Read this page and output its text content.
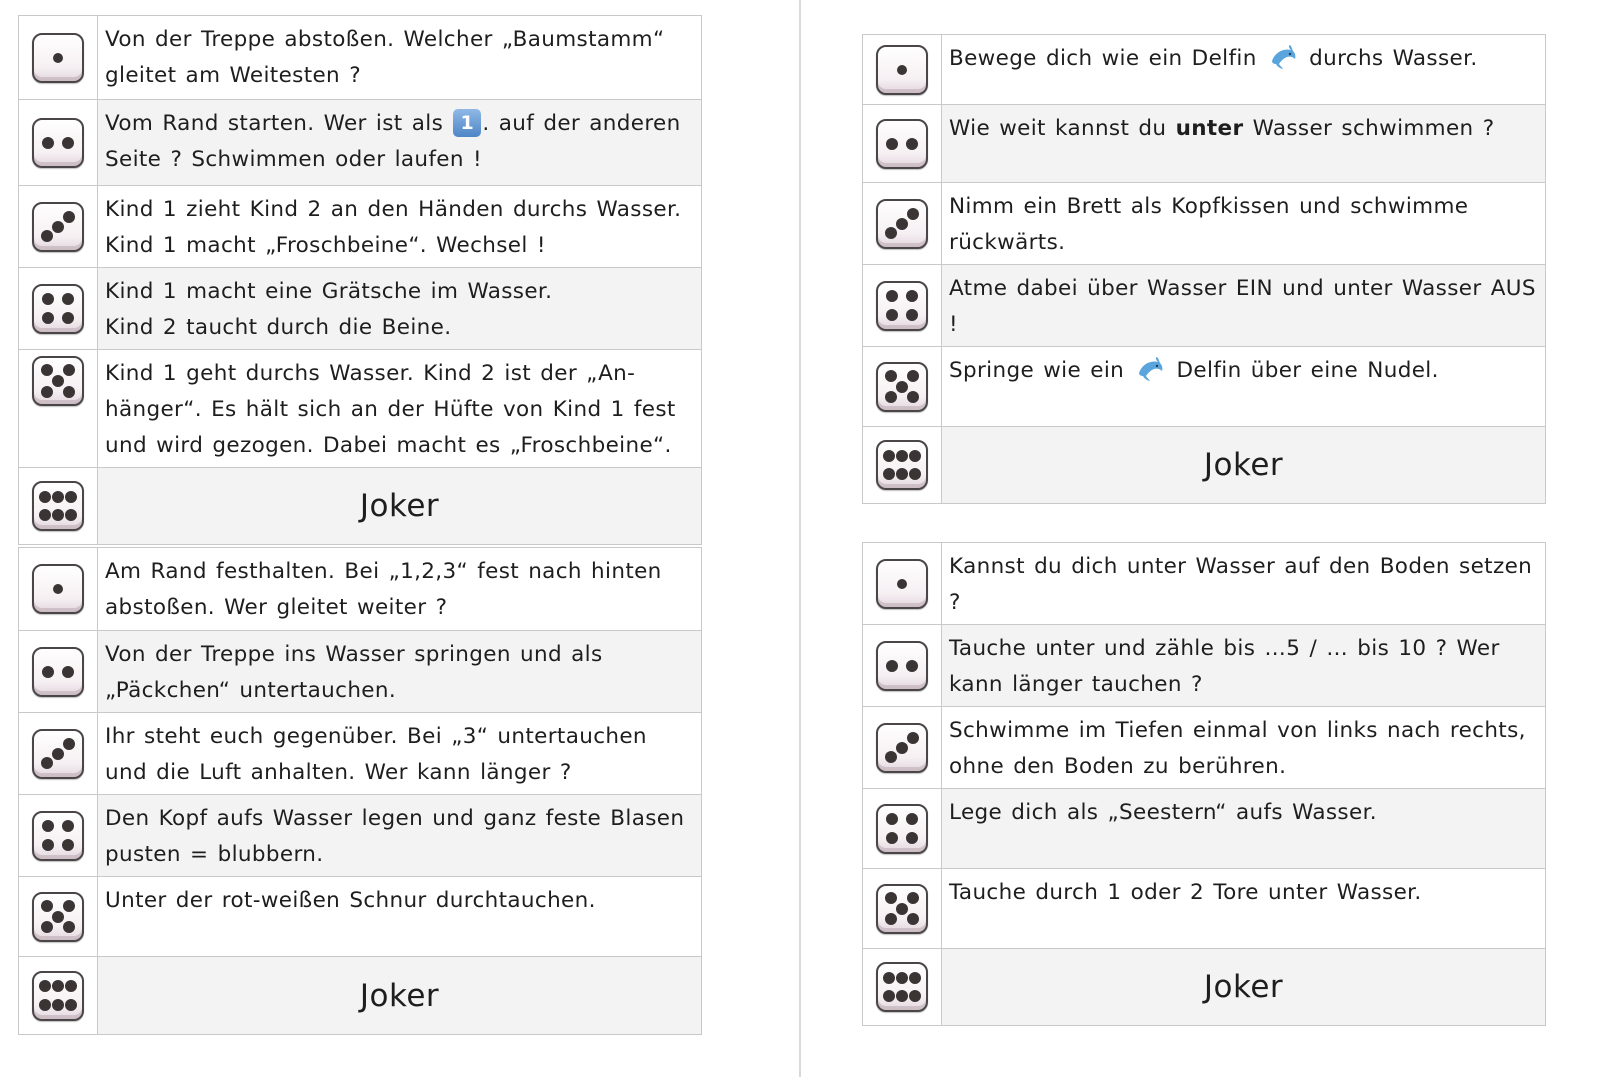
	Von der Treppe abstoßen. Welcher „Baumstamm“ gleitet am Weitesten ?

	Vom Rand starten. Wer ist als 1 . auf der anderen Seite ? Schwimmen oder laufen !

	Kind 1 zieht Kind 2 an den Händen durchs Wasser. Kind 1 macht „Froschbeine“. Wechsel !

	Kind 1 macht eine Grätsche im Wasser.
Kind 2 taucht durch die Beine.

	Kind 1 geht durchs Wasser. Kind 2 ist der „An-hänger“. Es hält sich an der Hüfte von Kind 1 fest und wird gezogen. Dabei macht es „Froschbeine“.

	Joker
	Am Rand festhalten. Bei „1,2,3“ fest nach hinten abstoßen. Wer gleitet weiter ?

	Von der Treppe ins Wasser springen und als „Päckchen“ untertauchen.

	Ihr steht euch gegenüber. Bei „3“ untertauchen und die Luft anhalten. Wer kann länger ?

	Den Kopf aufs Wasser legen und ganz feste Blasen pusten = blubbern.

	Unter der rot-weißen Schnur durchtauchen.

	Joker
	Bewege dich wie ein Delfin durchs Wasser.

	Wie weit kannst du unter Wasser schwimmen ?

	Nimm ein Brett als Kopfkissen und schwimme rückwärts.

	Atme dabei über Wasser EIN und unter Wasser AUS !

	Springe wie ein Delfin über eine Nudel.

	Joker
	Kannst du dich unter Wasser auf den Boden setzen ?

	Tauche unter und zähle bis …5 / … bis 10 ? Wer kann länger tauchen ?

	Schwimme im Tiefen einmal von links nach rechts, ohne den Boden zu berühren.

	Lege dich als „Seestern“ aufs Wasser.

	Tauche durch 1 oder 2 Tore unter Wasser.

	Joker
